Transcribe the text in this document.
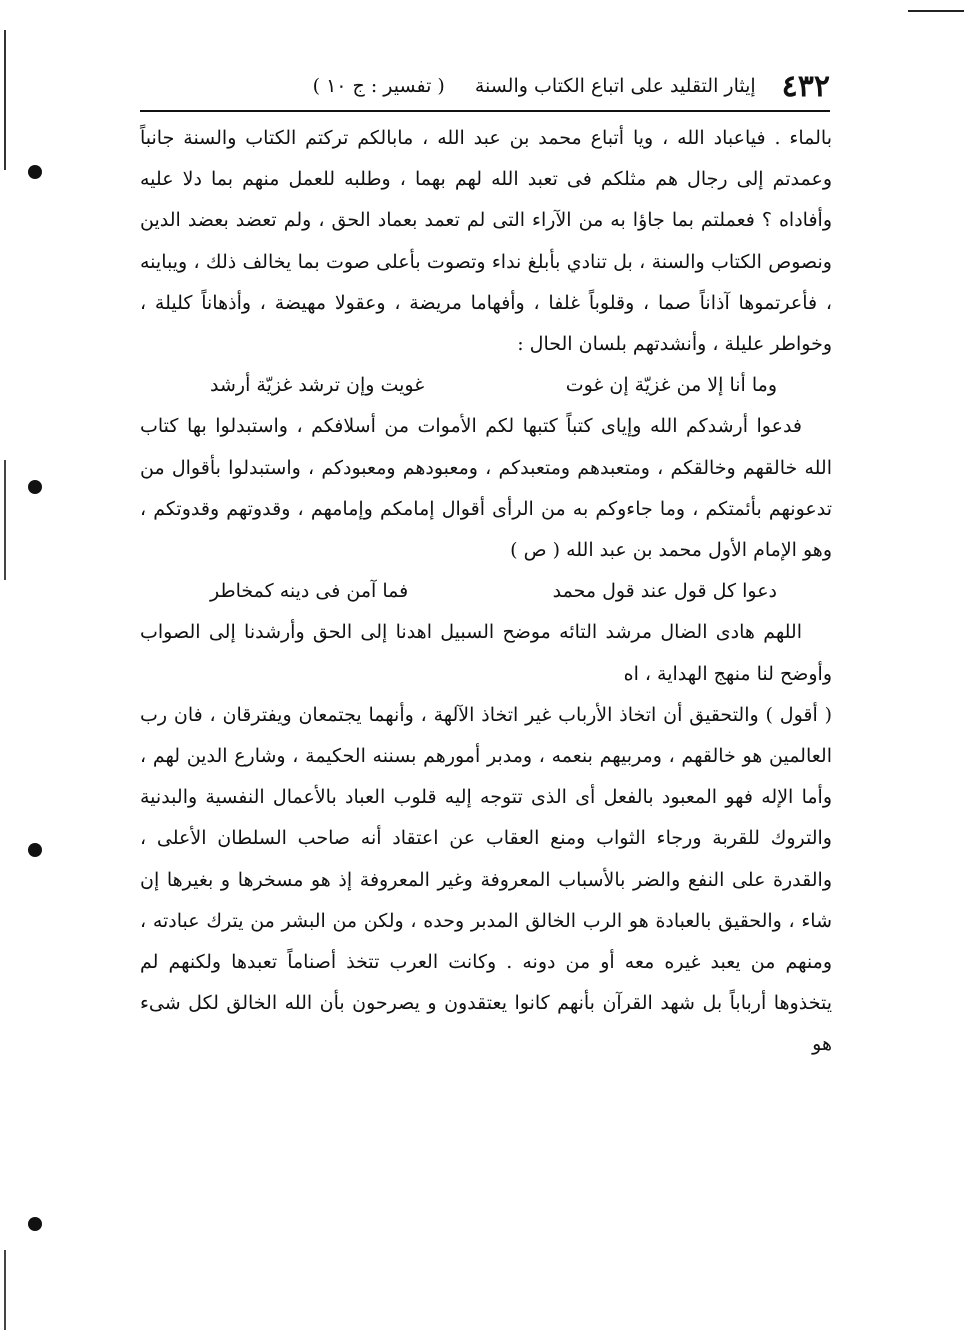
٤٣٢
إيثار التقليد على اتباع الكتاب والسنة
( تفسير : ج ١٠ )

بالماء . فياعباد الله ، ويا أتباع محمد بن عبد الله ، مابالكم تركتم الكتاب والسنة جانباً وعمدتم إلى رجال هم مثلكم فى تعبد الله لهم بهما ، وطلبه للعمل منهم بما دلا عليه وأفاداه ؟ فعملتم بما جاؤا به من الآراء التى لم تعمد بعماد الحق ، ولم تعضد بعضد الدين ونصوص الكتاب والسنة ، بل تنادي بأبلغ نداء وتصوت بأعلى صوت بما يخالف ذلك ، ويباينه ، فأعرتموها آذاناً صما ، وقلوباً غلفا ، وأفهاما مريضة ، وعقولا مهيضة ، وأذهاناً كليلة ، وخواطر عليلة ، وأنشدتهم بلسان الحال :

وما أنا إلا من غزيّة إن غوت
غويت وإن ترشد غزيّة أرشد

فدعوا أرشدكم الله وإياى كتباً كتبها لكم الأموات من أسلافكم ، واستبدلوا بها كتاب الله خالقهم وخالقكم ، ومتعبدهم ومتعبدكم ، ومعبودهم ومعبودكم ، واستبدلوا بأقوال من تدعونهم بأئمتكم ، وما جاءوكم به من الرأى أقوال إمامكم وإمامهم ، وقدوتهم وقدوتكم ، وهو الإمام الأول محمد بن عبد الله ( ص )

دعوا كل قول عند قول محمد
فما آمن فى دينه كمخاطر

اللهم هادى الضال مرشد التائه موضح السبيل اهدنا إلى الحق وأرشدنا إلى الصواب وأوضح لنا منهج الهداية ، اه

( أقول ) والتحقيق أن اتخاذ الأرباب غير اتخاذ الآلهة ، وأنهما يجتمعان ويفترقان ، فان رب العالمين هو خالقهم ، ومربيهم بنعمه ، ومدبر أمورهم بسننه الحكيمة ، وشارع الدين لهم ، وأما الإله فهو المعبود بالفعل أى الذى تتوجه إليه قلوب العباد بالأعمال النفسية والبدنية والتروك للقربة ورجاء الثواب ومنع العقاب عن اعتقاد أنه صاحب السلطان الأعلى ، والقدرة على النفع والضر بالأسباب المعروفة وغير المعروفة إذ هو مسخرها و بغيرها إن شاء ، والحقيق بالعبادة هو الرب الخالق المدبر وحده ، ولكن من البشر من يترك عبادته ، ومنهم من يعبد غيره معه أو من دونه . وكانت العرب تتخذ أصناماً تعبدها ولكنهم لم يتخذوها أرباباً بل شهد القرآن بأنهم كانوا يعتقدون و يصرحون بأن الله الخالق لكل شىء هو
